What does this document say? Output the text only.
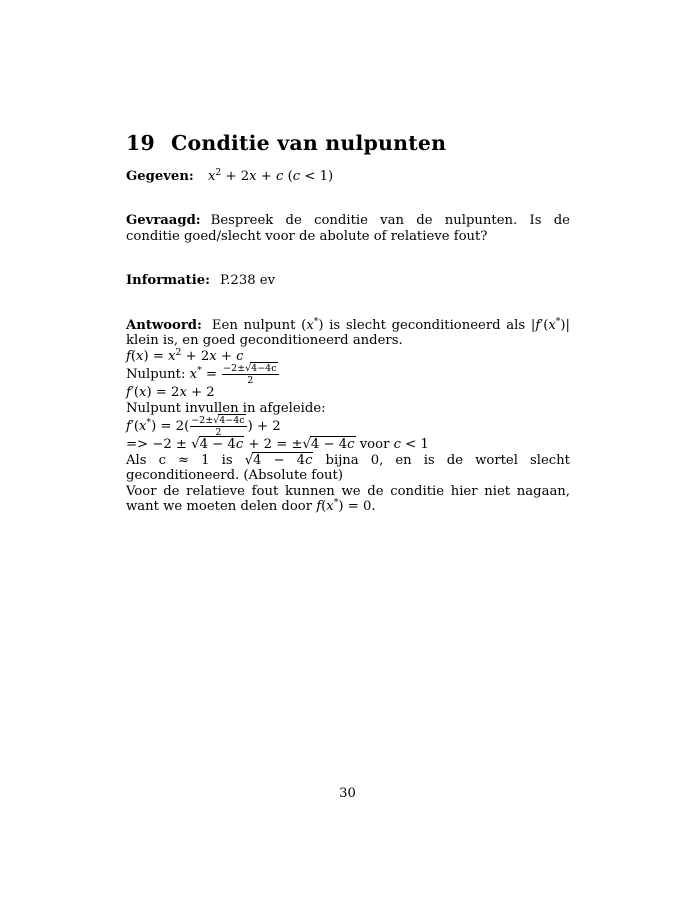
19 Conditie van nulpunten
Gegeven: $x^2 + 2x + c$ (c < 1)
Gevraagd: Bespreek de conditie van de nulpunten. Is de conditie goed/slecht voor de abolute of relatieve fout?
Informatie: P.238 ev
Antwoord: Een nulpunt (x*) is slecht geconditioneerd als |f′(x*)| klein is, en goed geconditioneerd anders.
$f(x) = x^2 + 2x + c$
Nulpunt: $x^* = \frac{-2\pm√4-4c}{2}$
f′(x) = 2x + 2
Nulpunt invullen in afgeleide:
$f'(x^*) = 2( \frac{-2\pm√4-4c}{2}$ ) + 2
=> −2 ± √4 − 4c + 2 = ±√4 − 4c voor c < 1
Als c ≈ 1 is √4 − 4c bijna 0, en is de wortel slecht geconditioneerd. (Absolute fout)
Voor de relatieve fout kunnen we de conditie hier niet nagaan, want we moeten delen door f(x*) = 0.
30
